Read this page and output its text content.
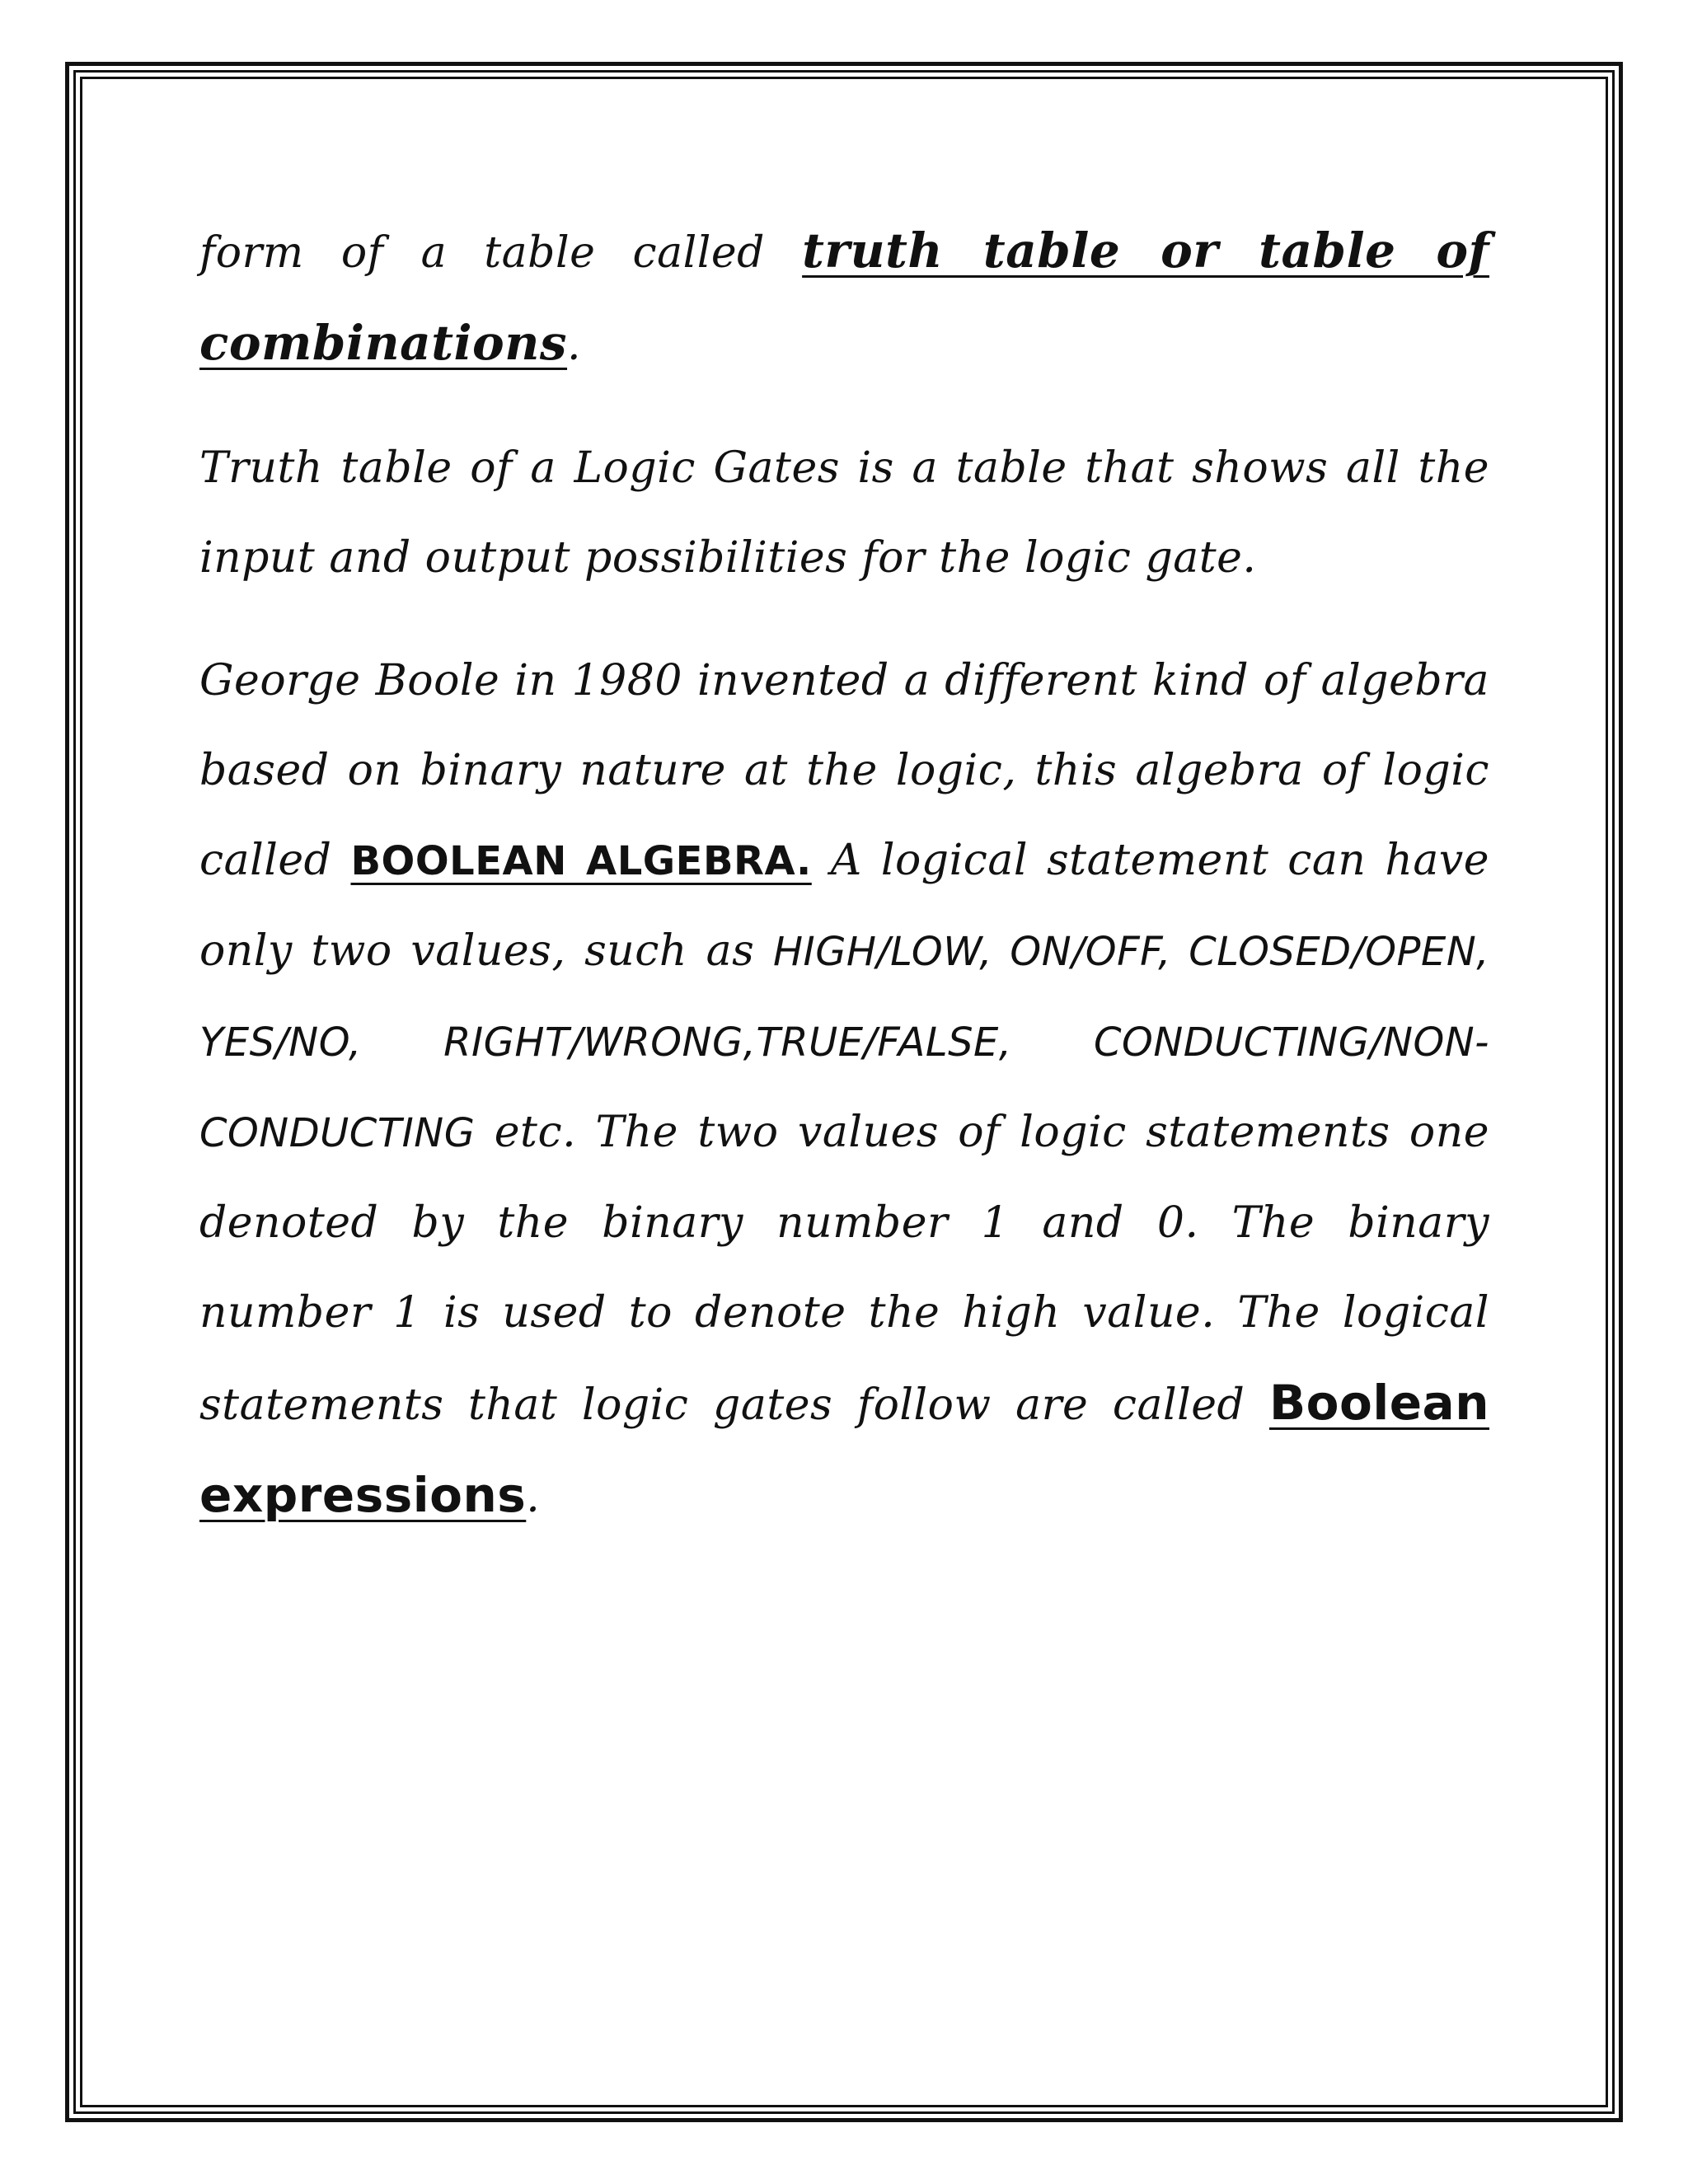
form of a table called truth table or table of combinations.

Truth table of a Logic Gates is a table that shows all the input and output possibilities for the logic gate.

George Boole in 1980 invented a different kind of algebra based on binary nature at the logic, this algebra of logic called BOOLEAN ALGEBRA. A logical statement can have only two values, such as HIGH/LOW, ON/OFF, CLOSED/OPEN, YES/NO, RIGHT/WRONG,TRUE/FALSE, CONDUCTING/NON-CONDUCTING etc. The two values of logic statements one denoted by the binary number 1 and 0. The binary number 1 is used to denote the high value. The logical statements that logic gates follow are called Boolean expressions.
